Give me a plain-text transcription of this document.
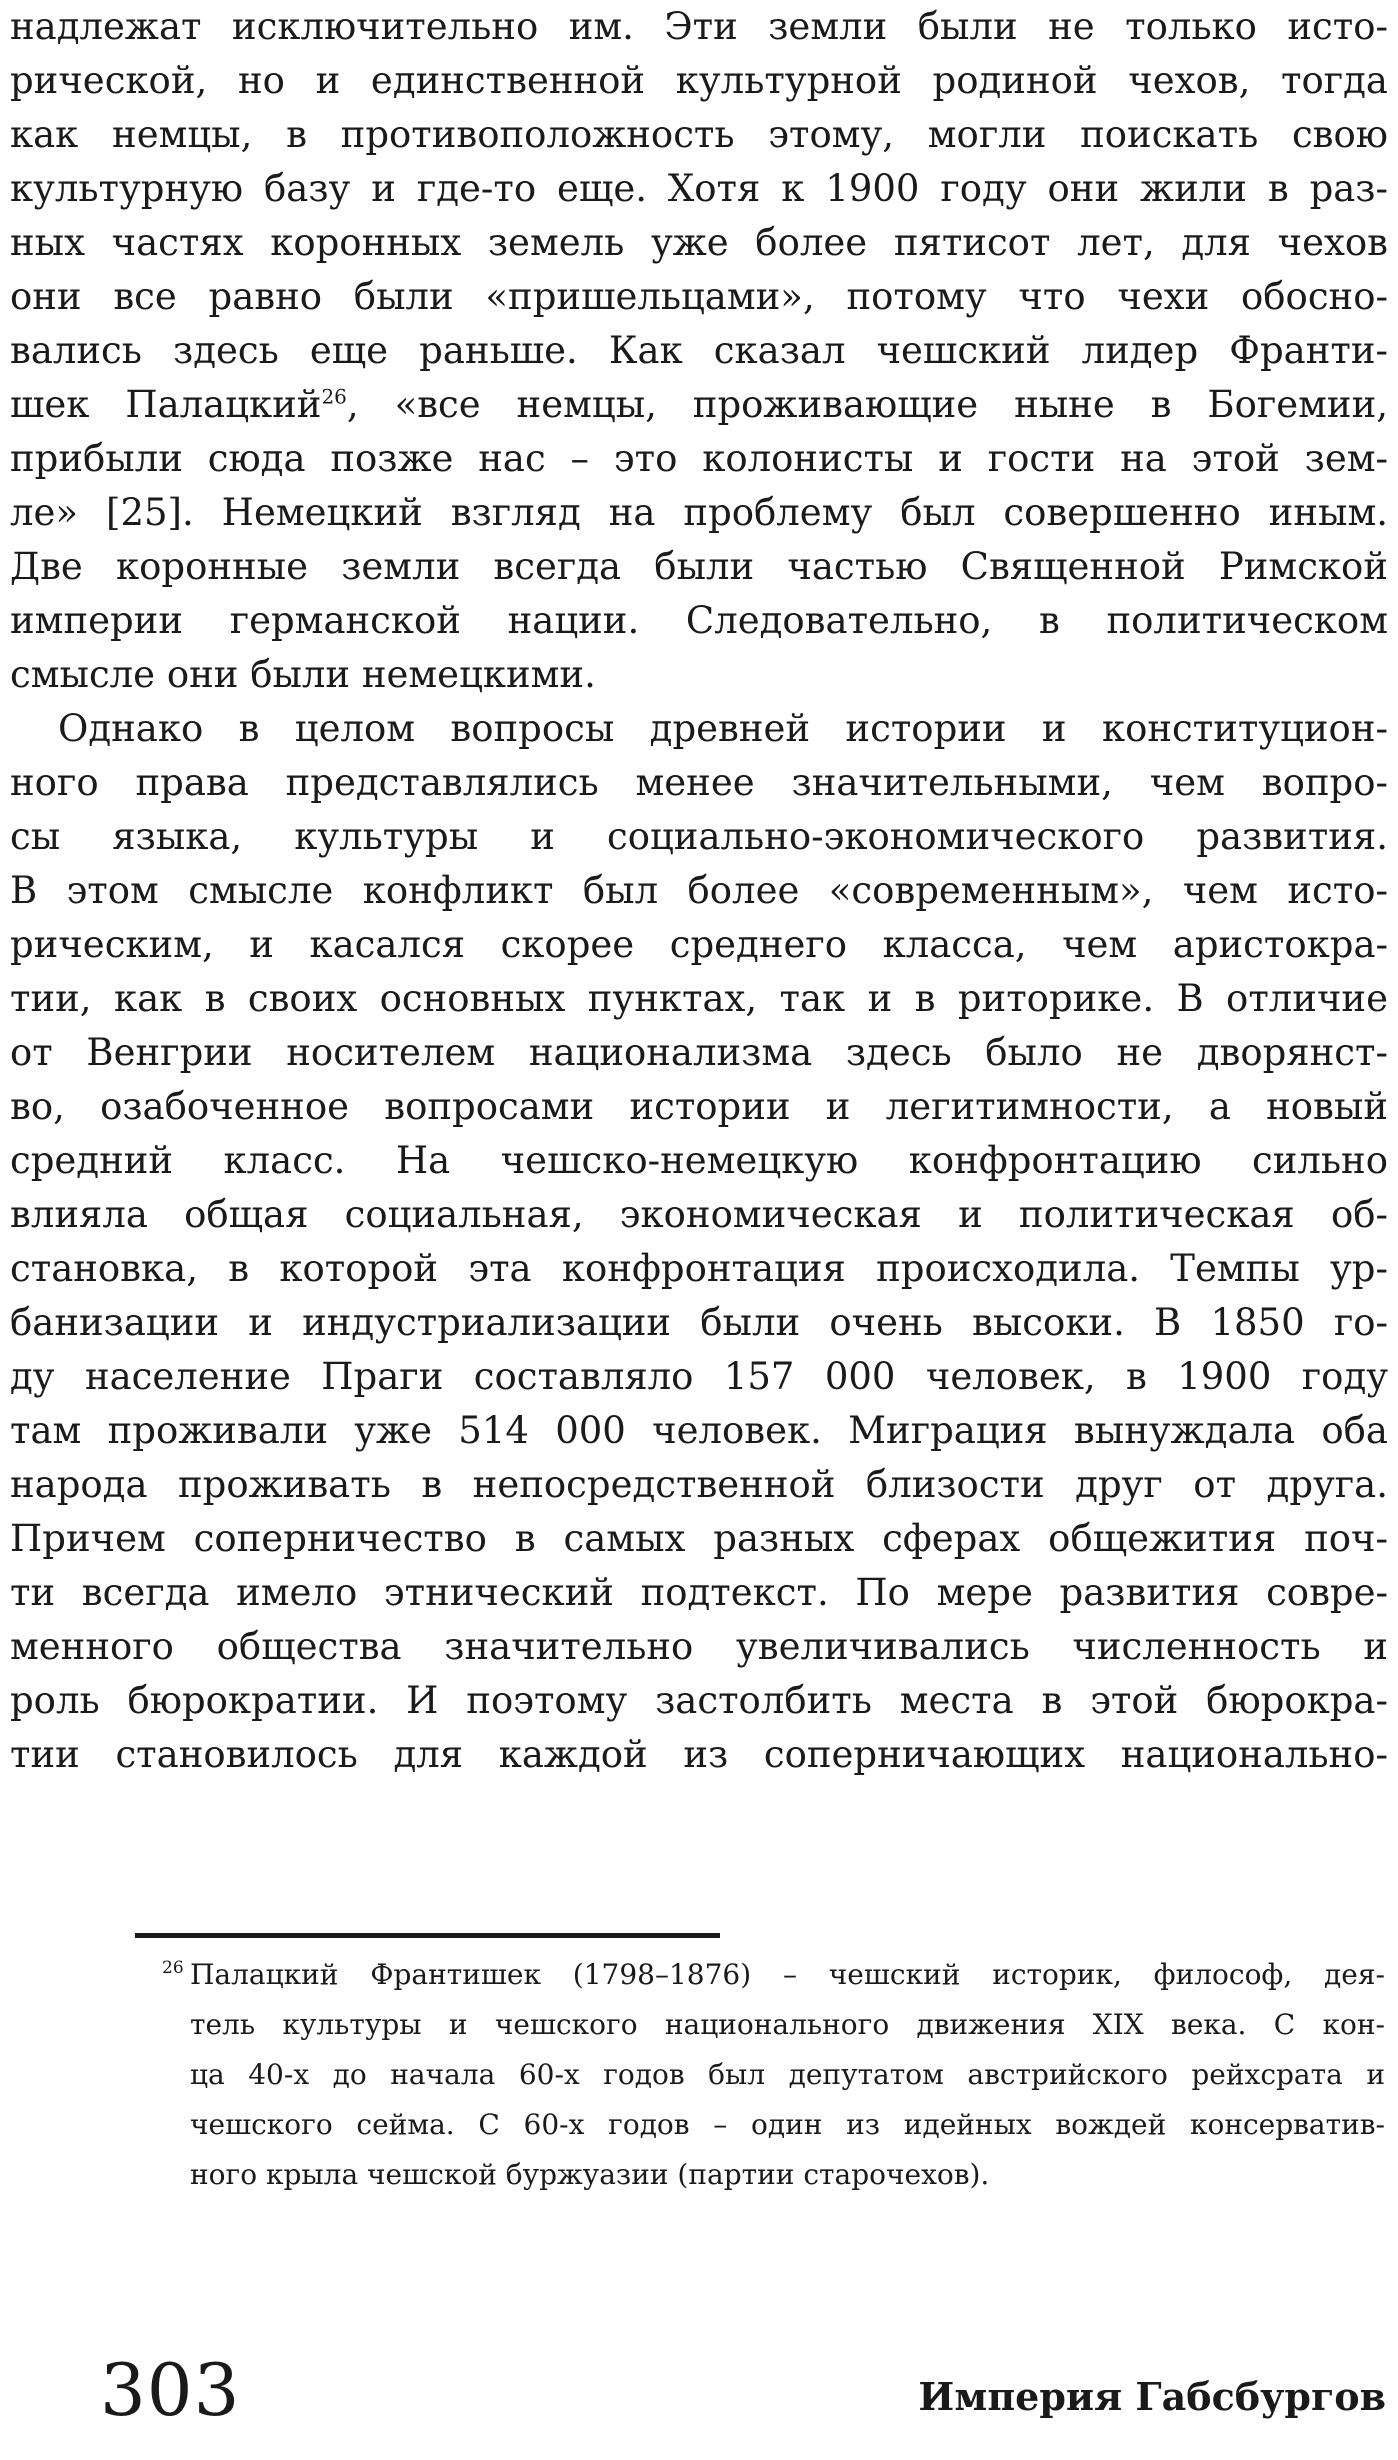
надлежат исключительно им. Эти земли были не только исто-
рической, но и единственной культурной родиной чехов, тогда
как немцы, в противоположность этому, могли поискать свою
культурную базу и где-то еще. Хотя к 1900 году они жили в раз-
ных частях коронных земель уже более пятисот лет, для чехов
они все равно были «пришельцами», потому что чехи обосно-
вались здесь еще раньше. Как сказал чешский лидер Франти-
шек Палацкий$^{26}$, «все немцы, проживающие ныне в Богемии,
прибыли сюда позже нас – это колонисты и гости на этой зем-
ле» [25]. Немецкий взгляд на проблему был совершенно иным.
Две коронные земли всегда были частью Священной Римской
империи германской нации. Следовательно, в политическом
смысле они были немецкими.
Однако в целом вопросы древней истории и конституцион-
ного права представлялись менее значительными, чем вопро-
сы языка, культуры и социально-экономического развития.
В этом смысле конфликт был более «современным», чем исто-
рическим, и касался скорее среднего класса, чем аристокра-
тии, как в своих основных пунктах, так и в риторике. В отличие
от Венгрии носителем национализма здесь было не дворянст-
во, озабоченное вопросами истории и легитимности, а новый
средний класс. На чешско-немецкую конфронтацию сильно
влияла общая социальная, экономическая и политическая об-
становка, в которой эта конфронтация происходила. Темпы ур-
банизации и индустриализации были очень высоки. В 1850 го-
ду население Праги составляло 157 000 человек, в 1900 году
там проживали уже 514 000 человек. Миграция вынуждала оба
народа проживать в непосредственной близости друг от друга.
Причем соперничество в самых разных сферах общежития поч-
ти всегда имело этнический подтекст. По мере развития совре-
менного общества значительно увеличивались численность и
роль бюрократии. И поэтому застолбить места в этой бюрокра-
тии становилось для каждой из соперничающих национально-
26 Палацкий Франтишек (1798–1876) – чешский историк, философ, дея-
тель культуры и чешского национального движения XIX века. С кон-
ца 40-х до начала 60-х годов был депутатом австрийского рейхсрата и
чешского сейма. С 60-х годов – один из идейных вождей консерватив-
ного крыла чешской буржуазии (партии старочехов).
303	Империя Габсбургов
